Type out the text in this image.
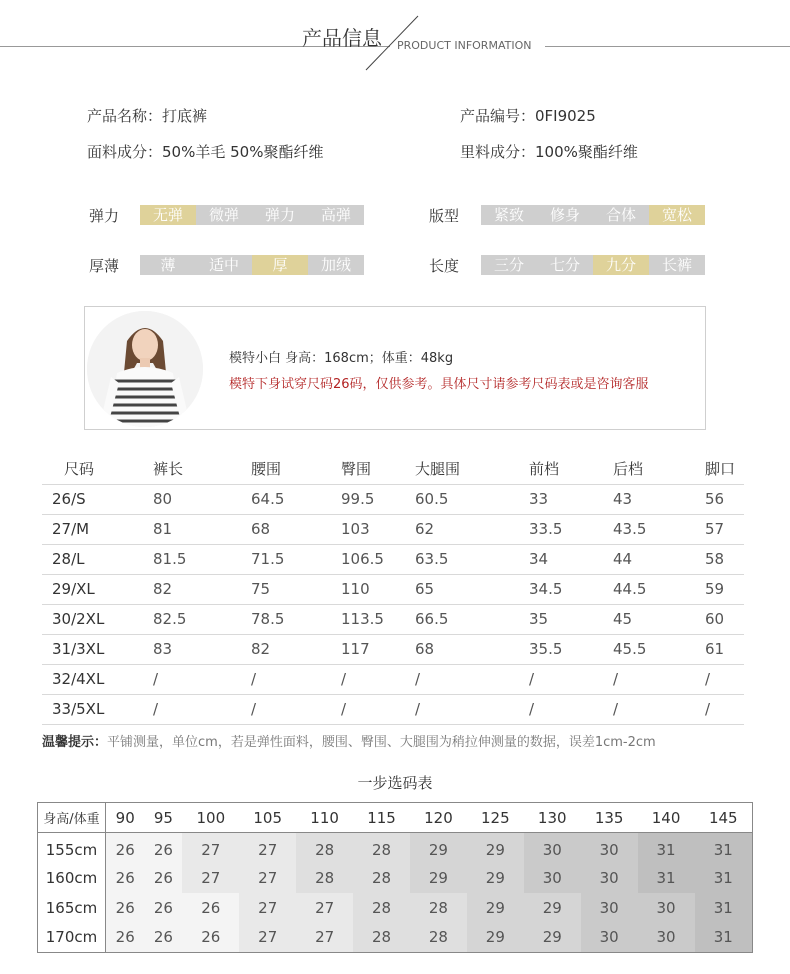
产品信息 PRODUCT INFORMATION
产品名称：打底裤	产品编号：0FI9025
面料成分：50%羊毛 50%聚酯纤维	里料成分：100%聚酯纤维
弹力	无弹	微弹	弹力	高弹	版型	紧致	修身	合体	宽松
厚薄	薄	适中	厚	加绒	长度	三分	七分	九分	长裤
模特小白 身高：168cm；体重：48kg
模特下身试穿尺码26码，仅供参考。具体尺寸请参考尺码表或是咨询客服
尺码	裤长	腰围	臀围	大腿围	前档	后档	脚口
26/S	80	64.5	99.5	60.5	33	43	56
27/M	81	68	103	62	33.5	43.5	57
28/L	81.5	71.5	106.5	63.5	34	44	58
29/XL	82	75	110	65	34.5	44.5	59
30/2XL	82.5	78.5	113.5	66.5	35	45	60
31/3XL	83	82	117	68	35.5	45.5	61
32/4XL	/	/	/	/	/	/	/
33/5XL	/	/	/	/	/	/	/
温馨提示：平铺测量，单位cm，若是弹性面料，腰围、臀围、大腿围为稍拉伸测量的数据，误差1cm-2cm
一步选码表
身高/体重	90	95	100	105	110	115	120	125	130	135	140	145
155cm	26	26	27	27	28	28	29	29	30	30	31	31
160cm	26	26	27	27	28	28	29	29	30	30	31	31
165cm	26	26	26	27	27	28	28	29	29	30	30	31
170cm	26	26	26	27	27	28	28	29	29	30	30	31
